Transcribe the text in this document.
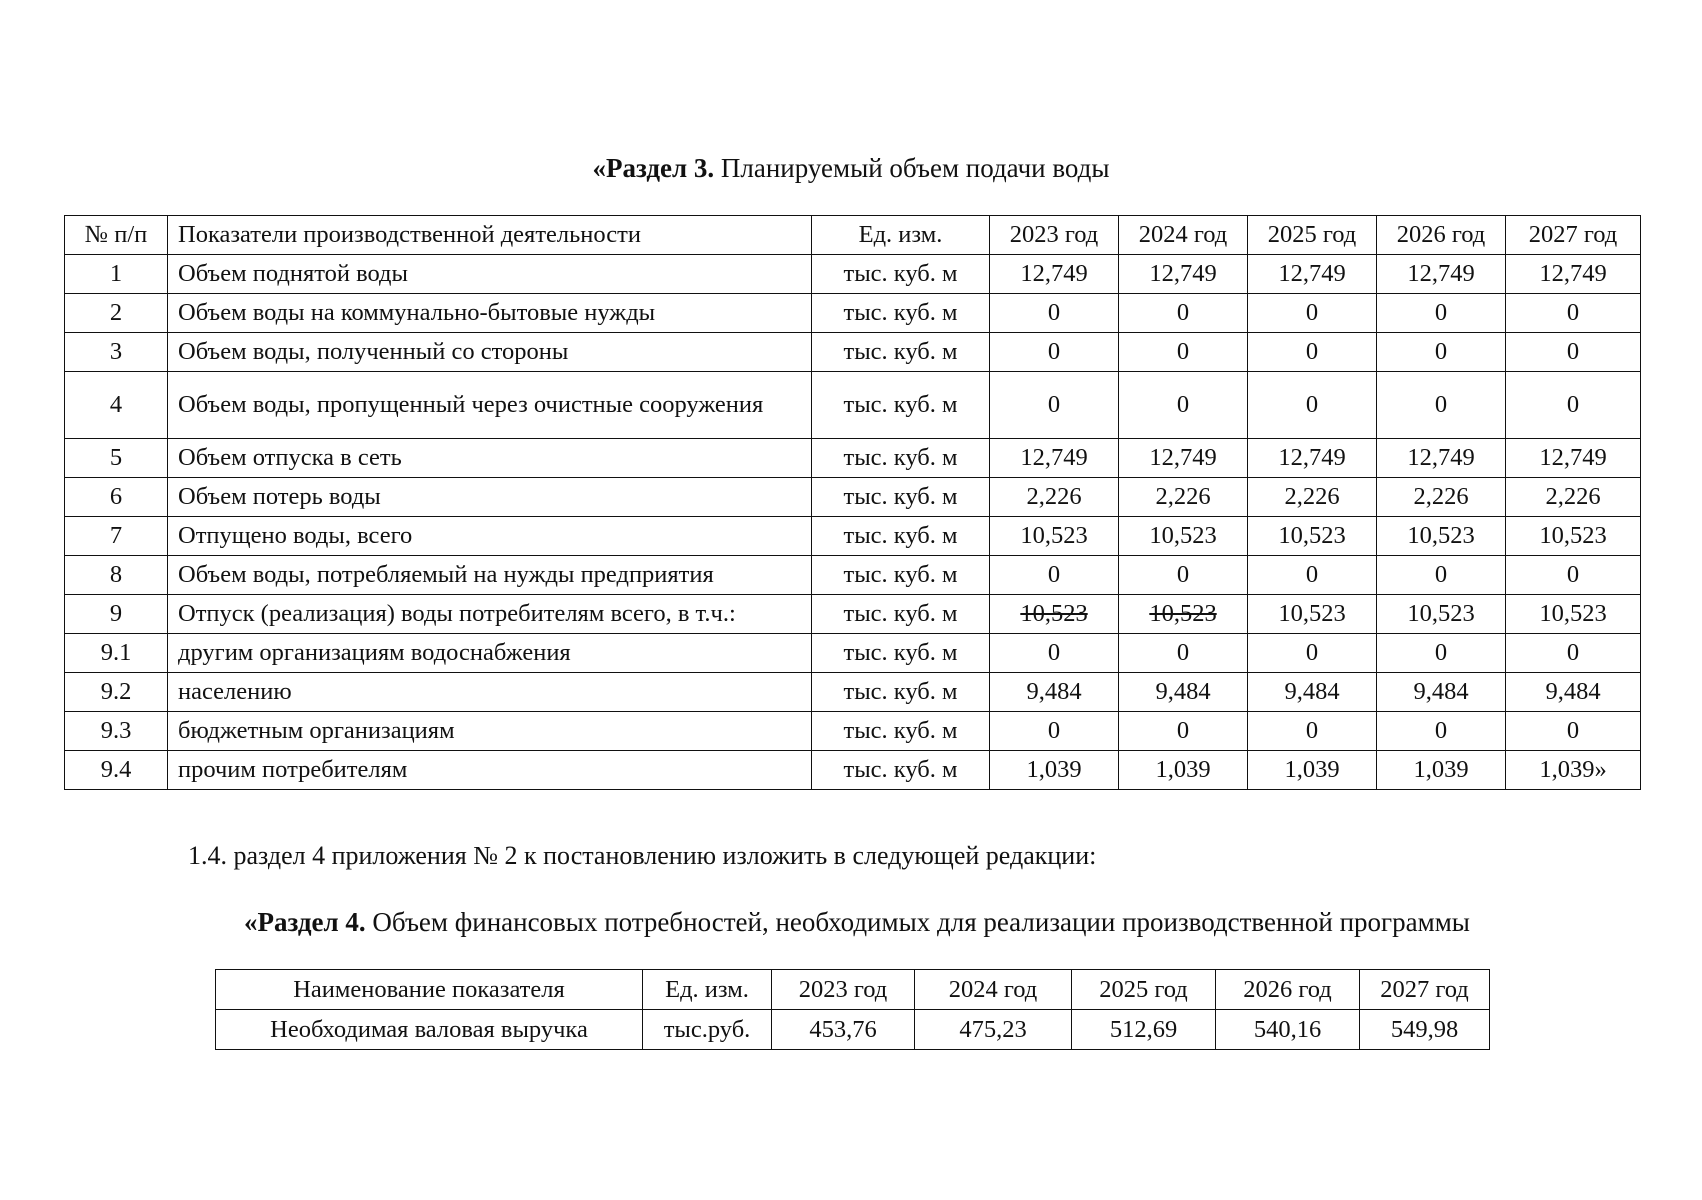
«Раздел 3. Планируемый объем подачи воды
№ п/п	Показатели производственной деятельности	Ед. изм.	2023 год	2024 год	2025 год	2026 год	2027 год
1	Объем поднятой воды	тыс. куб. м	12,749	12,749	12,749	12,749	12,749
2	Объем воды на коммунально-бытовые нужды	тыс. куб. м	0	0	0	0	0
3	Объем воды, полученный со стороны	тыс. куб. м	0	0	0	0	0
4	Объем воды, пропущенный через очистные сооружения	тыс. куб. м	0	0	0	0	0
5	Объем отпуска в сеть	тыс. куб. м	12,749	12,749	12,749	12,749	12,749
6	Объем потерь воды	тыс. куб. м	2,226	2,226	2,226	2,226	2,226
7	Отпущено воды, всего	тыс. куб. м	10,523	10,523	10,523	10,523	10,523
8	Объем воды, потребляемый на нужды предприятия	тыс. куб. м	0	0	0	0	0
9	Отпуск (реализация) воды потребителям всего, в т.ч.:	тыс. куб. м	10,523	10,523	10,523	10,523	10,523
9.1	другим организациям водоснабжения	тыс. куб. м	0	0	0	0	0
9.2	населению	тыс. куб. м	9,484	9,484	9,484	9,484	9,484
9.3	бюджетным организациям	тыс. куб. м	0	0	0	0	0
9.4	прочим потребителям	тыс. куб. м	1,039	1,039	1,039	1,039	1,039»
1.4. раздел 4 приложения № 2 к постановлению изложить в следующей редакции:
«Раздел 4. Объем финансовых потребностей, необходимых для реализации производственной программы
Наименование показателя	Ед. изм.	2023 год	2024 год	2025 год	2026 год	2027 год
Необходимая валовая выручка	тыс.руб.	453,76	475,23	512,69	540,16	549,98
